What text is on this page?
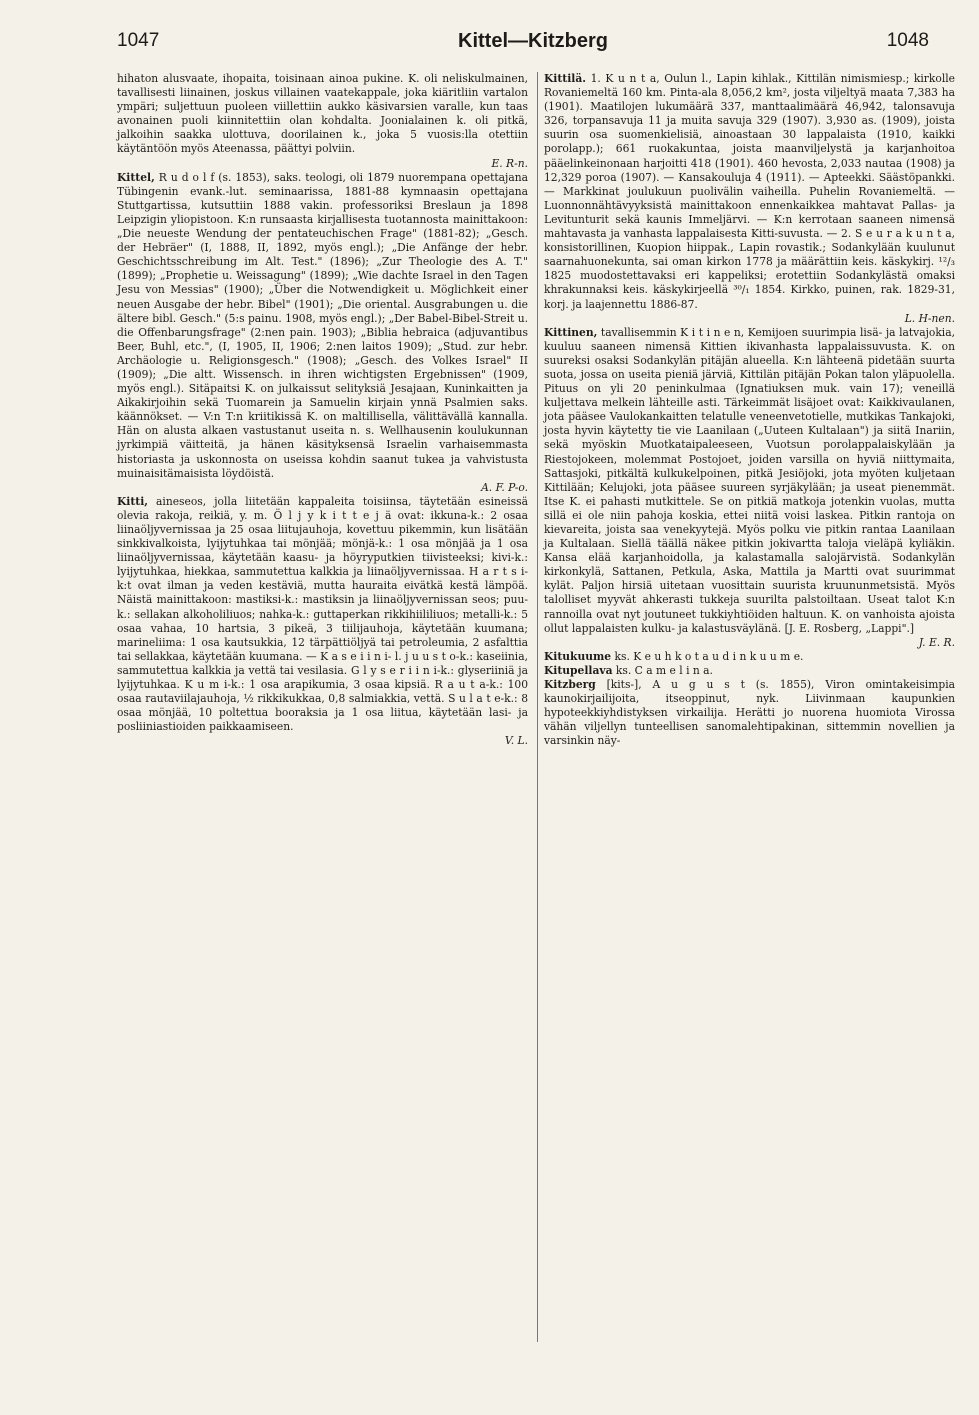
1047	Kittel—Kitzberg	1048

hihaton alusvaate, ihopaita, toisinaan ainoa pukine. K. oli neliskulmainen, tavallisesti liinainen, joskus villainen vaatekappale, joka kiäritliin vartalon ympäri; suljettuun puoleen viillettiin aukko käsivarsien varalle, kun taas avonainen puoli kiinnitettiin olan kohdalta. Joonialainen k. oli pitkä, jalkoihin saakka ulottuva, doorilainen k., joka 5 vuosis:lla otettiin käytäntöön myös Ateenassa, päättyi polviin.
E. R-n.

Kittel, R u d o l f (s. 1853), saks. teologi, oli 1879 nuorempana opettajana Tübingenin evank.-lut. seminaarissa, 1881-88 kymnaasin opettajana Stuttgartissa, kutsuttiin 1888 vakin. professoriksi Breslaun ja 1898 Leipzigin yliopistoon. K:n runsaasta kirjallisesta tuotannosta mainittakoon: „Die neueste Wendung der pentateuchischen Frage" (1881-82); „Gesch. der Hebräer" (I, 1888, II, 1892, myös engl.); „Die Anfänge der hebr. Geschichtsschreibung im Alt. Test." (1896); „Zur Theologie des A. T." (1899); „Prophetie u. Weissagung" (1899); „Wie dachte Israel in den Tagen Jesu von Messias" (1900); „Über die Notwendigkeit u. Möglichkeit einer neuen Ausgabe der hebr. Bibel" (1901); „Die oriental. Ausgrabungen u. die ältere bibl. Gesch." (5:s painu. 1908, myös engl.); „Der Babel-Bibel-Streit u. die Offenbarungsfrage" (2:nen pain. 1903); „Biblia hebraica (adjuvantibus Beer, Buhl, etc.", (I, 1905, II, 1906; 2:nen laitos 1909); „Stud. zur hebr. Archäologie u. Religionsgesch." (1908); „Gesch. des Volkes Israel" II (1909); „Die altt. Wissensch. in ihren wichtigsten Ergebnissen" (1909, myös engl.). Sitäpaitsi K. on julkaissut selityksiä Jesajaan, Kuninkaitten ja Aikakirjoihin sekä Tuomarein ja Samuelin kirjain ynnä Psalmien saks. käännökset. — V:n T:n kriitikissä K. on maltillisella, välittävällä kannalla. Hän on alusta alkaen vastustanut useita n. s. Wellhausenin koulukunnan jyrkimpiä väitteitä, ja hänen käsityksensä Israelin varhaisemmasta historiasta ja uskonnosta on useissa kohdin saanut tukea ja vahvistusta muinaisitämaisista löydöistä.
A. F. P-o.

Kitti, aineseos, jolla liitetään kappaleita toisiinsa, täytetään esineissä olevia rakoja, reikiä, y. m. Ö l j y k i t t e j ä ovat: ikkuna-k.: 2 osaa liinaöljyvernissaa ja 25 osaa liitujauhoja, kovettuu pikemmin, kun lisätään sinkkivalkoista, lyijytuhkaa tai mönjää; mönjä-k.: 1 osa mönjää ja 1 osa liinaöljyvernissaa, käytetään kaasu- ja höyryputkien tiivisteeksi; kivi-k.: lyijytuhkaa, hiekkaa, sammutettua kalkkia ja liinaöljyvernissaa. H a r t s i-k:t ovat ilman ja veden kestäviä, mutta hauraita eivätkä kestä lämpöä. Näistä mainittakoon: mastiksi-k.: mastiksin ja liinaöljyvernissan seos; puu-k.: sellakan alkoholiliuos; nahka-k.: guttaperkan rikkihiililiuos; metalli-k.: 5 osaa vahaa, 10 hartsia, 3 pikeä, 3 tiilijauhoja, käytetään kuumana; marineliima: 1 osa kautsukkia, 12 tärpättiöljyä tai petroleumia, 2 asfalttia tai sellakkaa, käytetään kuumana. — K a s e i i n i- l. j u u s t o-k.: kaseiinia, sammutettua kalkkia ja vettä tai vesilasia. G l y s e r i i n i-k.: glyseriiniä ja lyijytuhkaa. K u m i-k.: 1 osa arapikumia, 3 osaa kipsiä. R a u t a-k.: 100 osaa rautaviilajauhoja, ½ rikkikukkaa, 0,8 salmiakkia, vettä. S u l a t e-k.: 8 osaa mönjää, 10 poltettua booraksia ja 1 osa liitua, käytetään lasi- ja posliiniastioiden paikkaamiseen.
V. L.

Kittilä. 1. K u n t a, Oulun l., Lapin kihlak., Kittilän nimismiesp.; kirkolle Rovaniemeltä 160 km. Pinta-ala 8,056,2 km², josta viljeltyä maata 7,383 ha (1901). Maatilojen lukumäärä 337, manttaalimäärä 46,942, talonsavuja 326, torpansavuja 11 ja muita savuja 329 (1907). 3,930 as. (1909), joista suurin osa suomenkielisiä, ainoastaan 30 lappalaista (1910, kaikki porolapp.); 661 ruokakuntaa, joista maanviljelystä ja karjanhoitoa pääelinkeinonaan harjoitti 418 (1901). 460 hevosta, 2,033 nautaa (1908) ja 12,329 poroa (1907). — Kansakouluja 4 (1911). — Apteekki. Säästöpankki. — Markkinat joulukuun puolivälin vaiheilla. Puhelin Rovaniemeltä. — Luonnonnähtävyyksistä mainittakoon ennenkaikkea mahtavat Pallas- ja Levitunturit sekä kaunis Immeljärvi. — K:n kerrotaan saaneen nimensä mahtavasta ja vanhasta lappalaisesta Kitti-suvusta. — 2. S e u r a k u n t a, konsistorillinen, Kuopion hiippak., Lapin rovastik.; Sodankylään kuulunut saarnahuonekunta, sai oman kirkon 1778 ja määrättiin keis. käskykirj. ¹²/₃ 1825 muodostettavaksi eri kappeliksi; erotettiin Sodankylästä omaksi khrakunnaksi keis. käskykirjeellä ³⁰/₁ 1854. Kirkko, puinen, rak. 1829-31, korj. ja laajennettu 1886-87.
L. H-nen.

Kittinen, tavallisemmin K i t i n e n, Kemijoen suurimpia lisä- ja latvajokia, kuuluu saaneen nimensä Kittien ikivanhasta lappalaissuvusta. K. on suureksi osaksi Sodankylän pitäjän alueella. K:n lähteenä pidetään suurta suota, jossa on useita pieniä järviä, Kittilän pitäjän Pokan talon yläpuolella. Pituus on yli 20 peninkulmaa (Ignatiuksen muk. vain 17); veneillä kuljettava melkein lähteille asti. Tärkeimmät lisäjoet ovat: Kaikkivaulanen, jota pääsee Vaulokankaitten telatulle veneenvetotielle, mutkikas Tankajoki, josta hyvin käytetty tie vie Laanilaan („Uuteen Kultalaan") ja siitä Inariin, sekä myöskin Muotkataipaleeseen, Vuotsun porolappalaiskylään ja Riestojokeen, molemmat Postojoet, joiden varsilla on hyviä niittymaita, Sattasjoki, pitkältä kulkukelpoinen, pitkä Jesiöjoki, jota myöten kuljetaan Kittilään; Kelujoki, jota pääsee suureen syrjäkylään; ja useat pienemmät. Itse K. ei pahasti mutkittele. Se on pitkiä matkoja jotenkin vuolas, mutta sillä ei ole niin pahoja koskia, ettei niitä voisi laskea. Pitkin rantoja on kievareita, joista saa venekyytejä. Myös polku vie pitkin rantaa Laanilaan ja Kultalaan. Siellä täällä näkee pitkin jokivartta taloja vieläpä kyliäkin. Kansa elää karjanhoidolla, ja kalastamalla salojärvistä. Sodankylän kirkonkylä, Sattanen, Petkula, Aska, Mattila ja Martti ovat suurimmat kylät. Paljon hirsiä uitetaan vuosittain suurista kruununmetsistä. Myös talolliset myyvät ahkerasti tukkeja suurilta palstoiltaan. Useat talot K:n rannoilla ovat nyt joutuneet tukkiyhtiöiden haltuun. K. on vanhoista ajoista ollut lappalaisten kulku- ja kalastusväylänä. [J. E. Rosberg, „Lappi".]
J. E. R.

Kitukuume ks. K e u h k o t a u d i n k u u m e.

Kitupellava ks. C a m e l i n a.

Kitzberg [kits-], A u g u s t (s. 1855), Viron omintakeisimpia kaunokirjailijoita, itseoppinut, nyk. Liivinmaan kaupunkien hypoteekkiyhdistyksen virkailija. Herätti jo nuorena huomiota Virossa vähän viljellyn tunteellisen sanomalehtipakinan, sittemmin novellien ja varsinkin näy-
